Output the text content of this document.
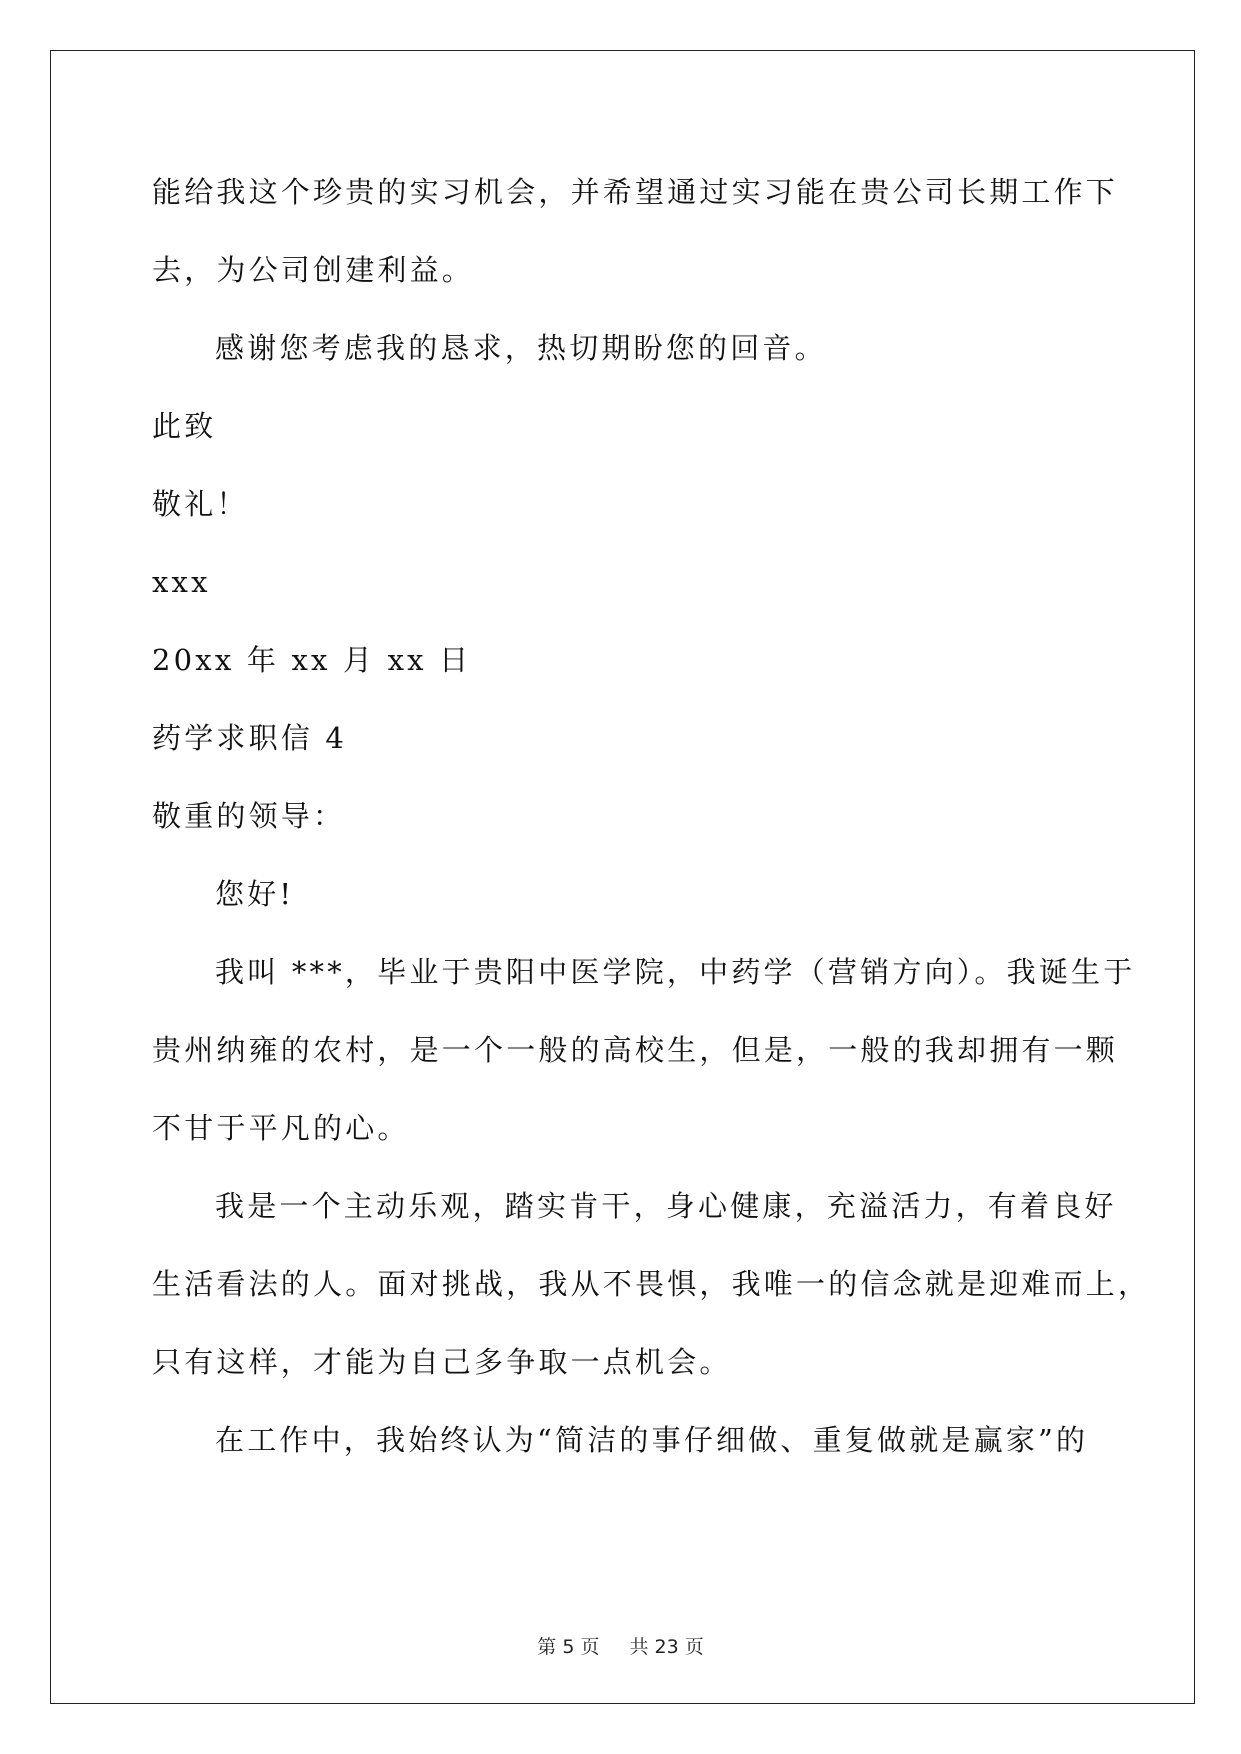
能给我这个珍贵的实习机会，并希望通过实习能在贵公司长期工作下
去，为公司创建利益。
感谢您考虑我的恳求，热切期盼您的回音。
此致
敬礼！
xxx
20xx 年 xx 月 xx 日
药学求职信 4
敬重的领导：
您好!
我叫 ***，毕业于贵阳中医学院，中药学（营销方向）。我诞生于
贵州纳雍的农村，是一个一般的高校生，但是，一般的我却拥有一颗
不甘于平凡的心。
我是一个主动乐观，踏实肯干，身心健康，充溢活力，有着良好
生活看法的人。面对挑战，我从不畏惧，我唯一的信念就是迎难而上，
只有这样，才能为自己多争取一点机会。
在工作中，我始终认为“简洁的事仔细做、重复做就是赢家”的
第 5 页 共 23 页
